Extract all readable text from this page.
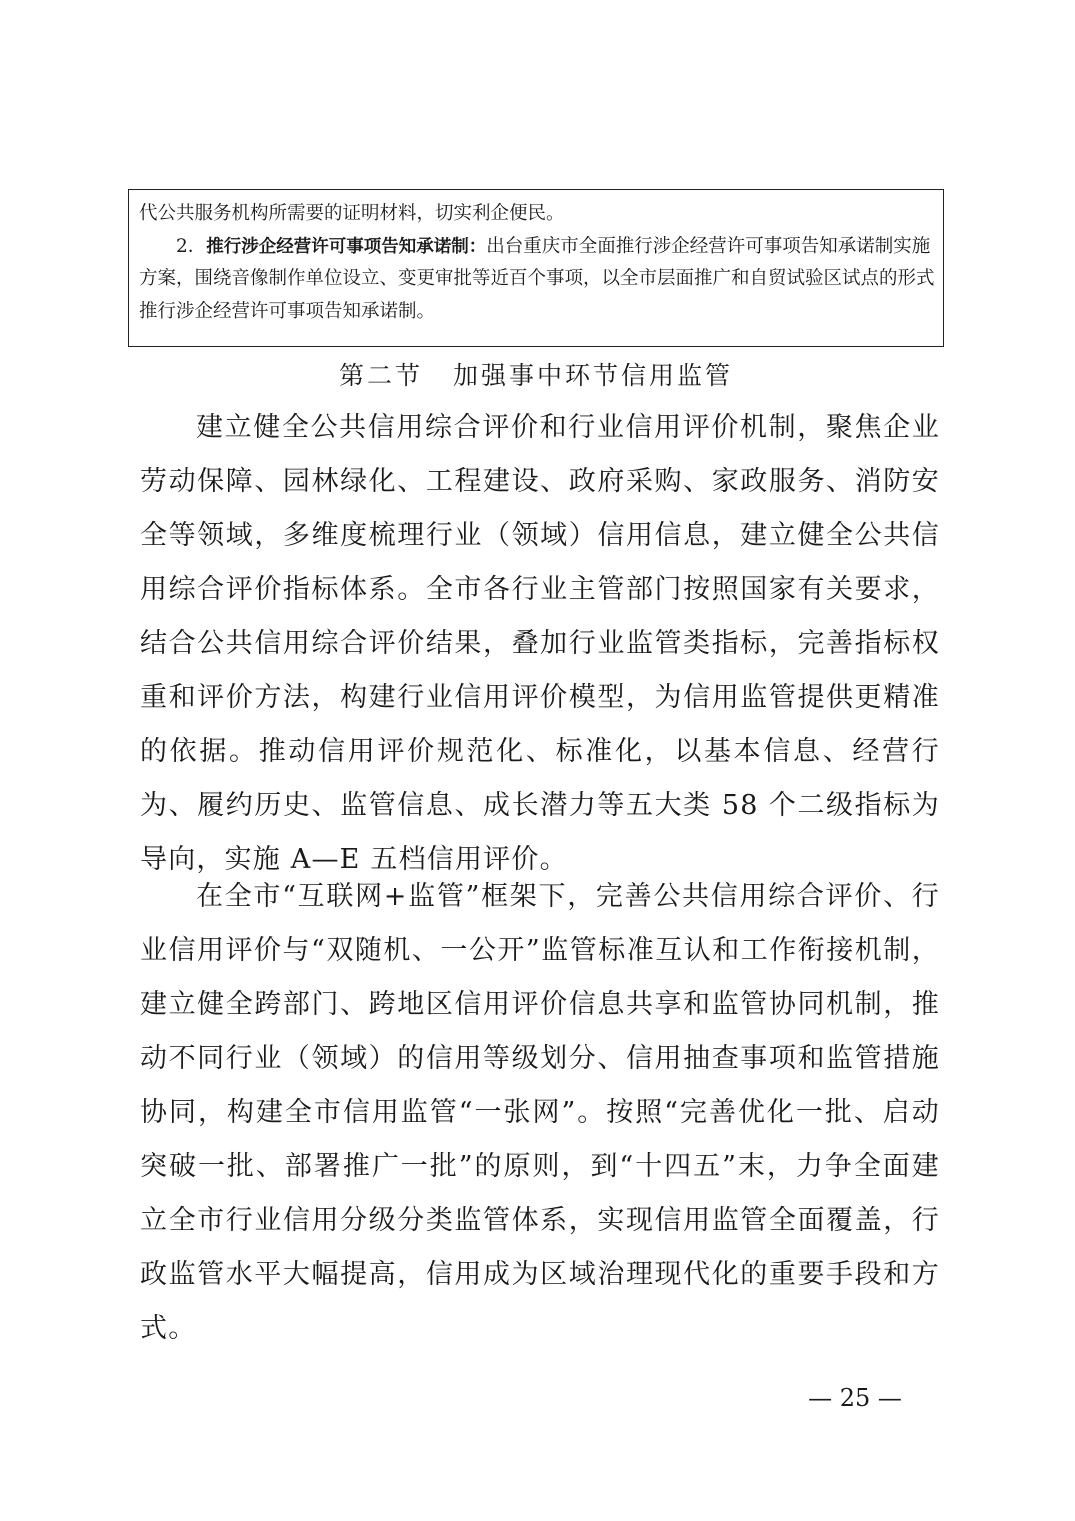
代公共服务机构所需要的证明材料，切实利企便民。

2．推行涉企经营许可事项告知承诺制：出台重庆市全面推行涉企经营许可事项告知承诺制实施方案，围绕音像制作单位设立、变更审批等近百个事项，以全市层面推广和自贸试验区试点的形式推行涉企经营许可事项告知承诺制。

第二节 加强事中环节信用监管

建立健全公共信用综合评价和行业信用评价机制，聚焦企业劳动保障、园林绿化、工程建设、政府采购、家政服务、消防安全等领域，多维度梳理行业（领域）信用信息，建立健全公共信用综合评价指标体系。全市各行业主管部门按照国家有关要求，结合公共信用综合评价结果，叠加行业监管类指标，完善指标权重和评价方法，构建行业信用评价模型，为信用监管提供更精准的依据。推动信用评价规范化、标准化，以基本信息、经营行为、履约历史、监管信息、成长潜力等五大类 58 个二级指标为导向，实施 A—E 五档信用评价。

在全市“互联网+监管”框架下，完善公共信用综合评价、行业信用评价与“双随机、一公开”监管标准互认和工作衔接机制，建立健全跨部门、跨地区信用评价信息共享和监管协同机制，推动不同行业（领域）的信用等级划分、信用抽查事项和监管措施协同，构建全市信用监管“一张网”。按照“完善优化一批、启动突破一批、部署推广一批”的原则，到“十四五”末，力争全面建立全市行业信用分级分类监管体系，实现信用监管全面覆盖，行政监管水平大幅提高，信用成为区域治理现代化的重要手段和方式。

— 25 —
